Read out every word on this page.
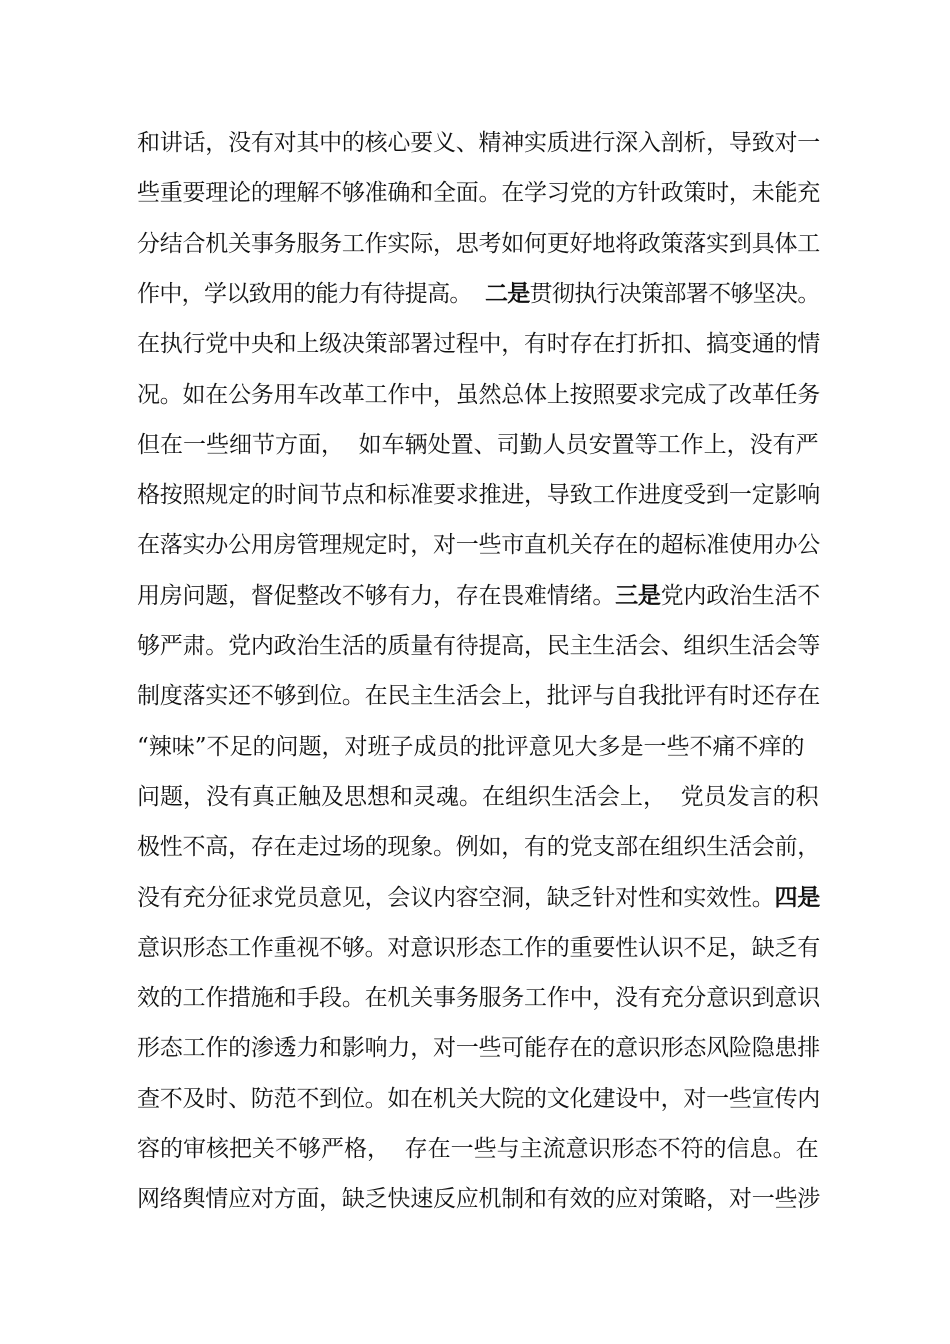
和讲话，没有对其中的核心要义、精神实质进行深入剖析，导致对一
些重要理论的理解不够准确和全面。在学习党的方针政策时，未能充
分结合机关事务服务工作实际，思考如何更好地将政策落实到具体工
作中，学以致用的能力有待提高。  二是贯彻执行决策部署不够坚决。
在执行党中央和上级决策部署过程中，有时存在打折扣、搞变通的情
况。如在公务用车改革工作中，虽然总体上按照要求完成了改革任务
但在一些细节方面，  如车辆处置、司勤人员安置等工作上，没有严
格按照规定的时间节点和标准要求推进，导致工作进度受到一定影响
在落实办公用房管理规定时，对一些市直机关存在的超标准使用办公
用房问题，督促整改不够有力，存在畏难情绪。三是党内政治生活不
够严肃。党内政治生活的质量有待提高，民主生活会、组织生活会等
制度落实还不够到位。在民主生活会上，批评与自我批评有时还存在
“辣味”不足的问题，对班子成员的批评意见大多是一些不痛不痒的
问题，没有真正触及思想和灵魂。在组织生活会上，  党员发言的积
极性不高，存在走过场的现象。例如，有的党支部在组织生活会前，
没有充分征求党员意见，会议内容空洞，缺乏针对性和实效性。四是
意识形态工作重视不够。对意识形态工作的重要性认识不足，缺乏有
效的工作措施和手段。在机关事务服务工作中，没有充分意识到意识
形态工作的渗透力和影响力，对一些可能存在的意识形态风险隐患排
查不及时、防范不到位。如在机关大院的文化建设中，对一些宣传内
容的审核把关不够严格，  存在一些与主流意识形态不符的信息。在
网络舆情应对方面，缺乏快速反应机制和有效的应对策略，对一些涉
